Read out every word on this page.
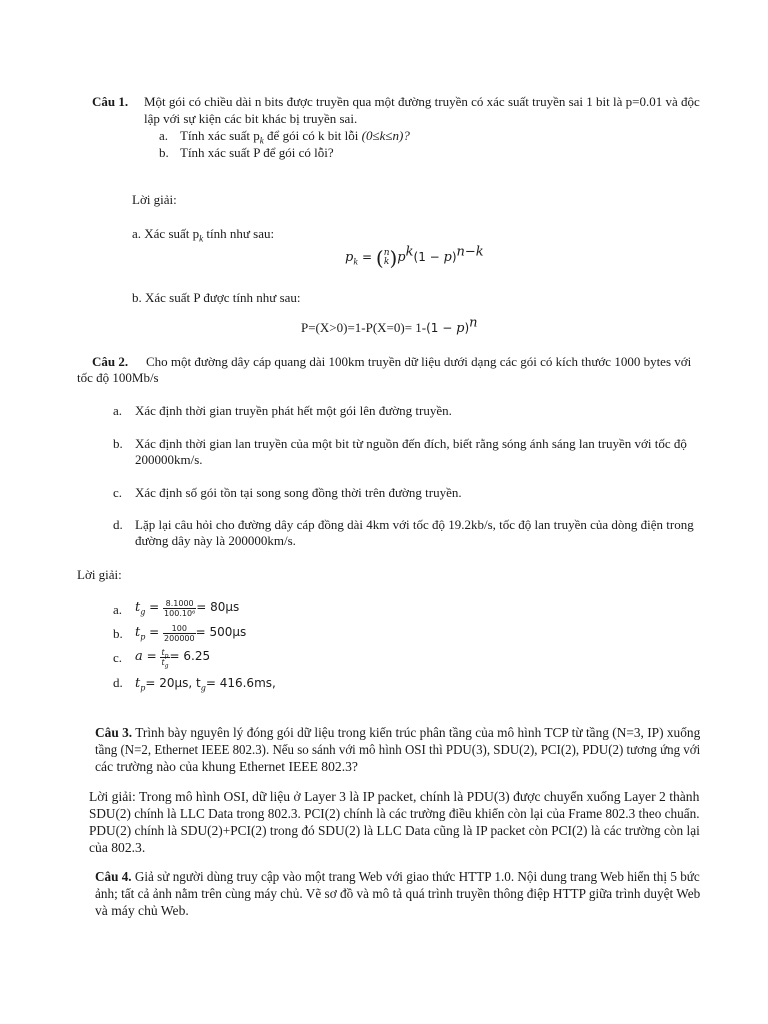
Câu 1. Một gói có chiều dài n bits được truyền qua một đường truyền có xác suất truyền sai 1 bit là p=0.01 và độc
lập với sự kiện các bit khác bị truyền sai.
a. Tính xác suất $p_k$ để gói có k bit lỗi (0≤k≤n)?
b. Tính xác suất P để gói có lỗi?
Lời giải:
a. Xác suất $p_k$ tính như sau:
$p_k$ = ( n
k )$p^k(1 - p)^{n-k}$
b. Xác suất P được tính như sau:
$P=(X>0)=1-P(X=0)= 1-(1 - p)^n$
Câu 2. Cho một đường dây cáp quang dài 100km truyền dữ liệu dưới dạng các gói có kích thước 1000 bytes với
tốc độ 100Mb/s
a. Xác định thời gian truyền phát hết một gói lên đường truyền.
b. Xác định thời gian lan truyền của một bit từ nguồn đến đích, biết rằng sóng ánh sáng lan truyền với tốc độ
200000km/s.
c. Xác định số gói tồn tại song song đồng thời trên đường truyền.
d. Lặp lại câu hỏi cho đường dây cáp đồng dài 4km với tốc độ 19.2kb/s, tốc độ lan truyền của dòng điện trong
đường dây này là 200000km/s.
Lời giải:
a. $t_g = \frac{8.1000}{\text{100.10⁶}} = 80\mu s$
b. $t_p = \frac{100}{200000} = 500\mu s$
c. $a = \frac{t_p}{t_g} = 6.25$
d. $t_p= 20\mu s$, $t_g= 416.6ms$,
Câu 3. Trình bày nguyên lý đóng gói dữ liệu trong kiến trúc phân tầng của mô hình TCP từ tầng (N=3, IP) xuống
tầng (N=2, Ethernet IEEE 802.3). Nếu so sánh với mô hình OSI thì PDU(3), SDU(2), PCI(2), PDU(2) tương ứng với
các trường nào của khung Ethernet IEEE 802.3?
Lời giải: Trong mô hình OSI, dữ liệu ở Layer 3 là IP packet, chính là PDU(3) được chuyển xuống Layer 2 thành
SDU(2) chính là LLC Data trong 802.3. PCI(2) chính là các trường điều khiển còn lại của Frame 802.3 theo chuẩn.
PDU(2) chính là SDU(2)+PCI(2) trong đó SDU(2) là LLC Data cũng là IP packet còn PCI(2) là các trường còn lại
của 802.3.
Câu 4. Giả sử người dùng truy cập vào một trang Web với giao thức HTTP 1.0. Nội dung trang Web hiển thị 5 bức
ảnh; tất cả ảnh nằm trên cùng máy chủ. Vẽ sơ đồ và mô tả quá trình truyền thông điệp HTTP giữa trình duyệt Web
và máy chủ Web.
